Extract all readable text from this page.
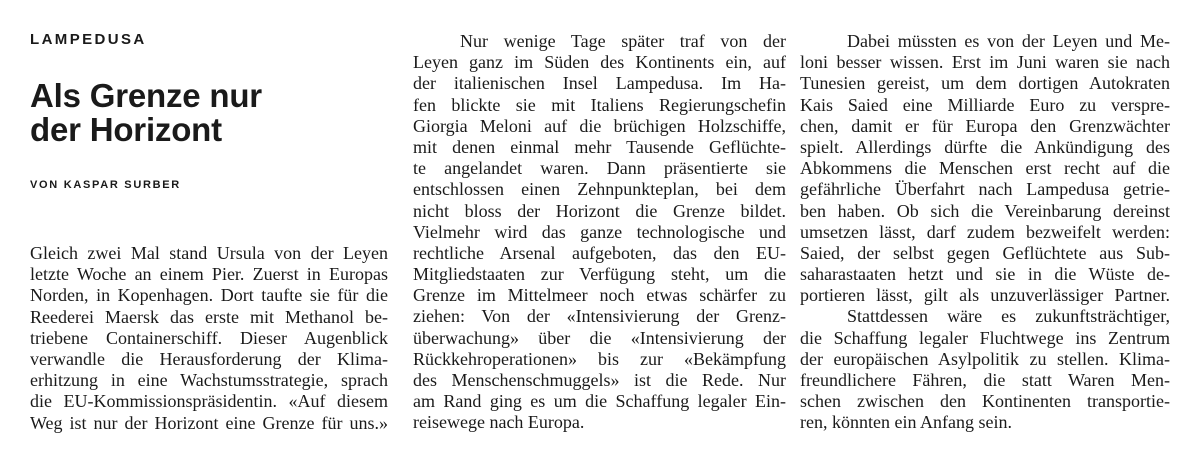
LAMPEDUSA
Als Grenze nur
der Horizont
VON KASPAR SURBER
Gleich zwei Mal stand Ursula von der Leyen
letzte Woche an einem Pier. Zuerst in Europas
Norden, in Kopenhagen. Dort taufte sie für die
Reederei Maersk das erste mit Methanol be-
triebene Containerschiff. Dieser Augenblick
verwandle die Herausforderung der Klima-
erhitzung in eine Wachstumsstrategie, sprach
die EU-Kommissionspräsidentin. «Auf diesem
Weg ist nur der Horizont eine Grenze für uns.»
Nur wenige Tage später traf von der
Leyen ganz im Süden des Kontinents ein, auf
der italienischen Insel Lampedusa. Im Ha-
fen blickte sie mit Italiens Regierungschefin
Giorgia Meloni auf die brüchigen Holzschiffe,
mit denen einmal mehr Tausende Geflüchte-
te angelandet waren. Dann präsentierte sie
entschlossen einen Zehnpunkteplan, bei dem
nicht bloss der Horizont die Grenze bildet.
Vielmehr wird das ganze technologische und
rechtliche Arsenal aufgeboten, das den EU-
Mitgliedstaaten zur Verfügung steht, um die
Grenze im Mittelmeer noch etwas schärfer zu
ziehen: Von der «Intensivierung der Grenz-
überwachung» über die «Intensivierung der
Rückkehroperationen» bis zur «Bekämpfung
des Menschenschmuggels» ist die Rede. Nur
am Rand ging es um die Schaffung legaler Ein-
reisewege nach Europa.
Dabei müssten es von der Leyen und Me-
loni besser wissen. Erst im Juni waren sie nach
Tunesien gereist, um dem dortigen Autokraten
Kais Saied eine Milliarde Euro zu verspre-
chen, damit er für Europa den Grenzwächter
spielt. Allerdings dürfte die Ankündigung des
Abkommens die Menschen erst recht auf die
gefährliche Überfahrt nach Lampedusa getrie-
ben haben. Ob sich die Vereinbarung dereinst
umsetzen lässt, darf zudem bezweifelt werden:
Saied, der selbst gegen Geflüchtete aus Sub-
saharastaaten hetzt und sie in die Wüste de-
portieren lässt, gilt als unzuverlässiger Partner.
Stattdessen wäre es zukunftsträchtiger,
die Schaffung legaler Fluchtwege ins Zentrum
der europäischen Asylpolitik zu stellen. Klima-
freundlichere Fähren, die statt Waren Men-
schen zwischen den Kontinenten transportie-
ren, könnten ein Anfang sein.
